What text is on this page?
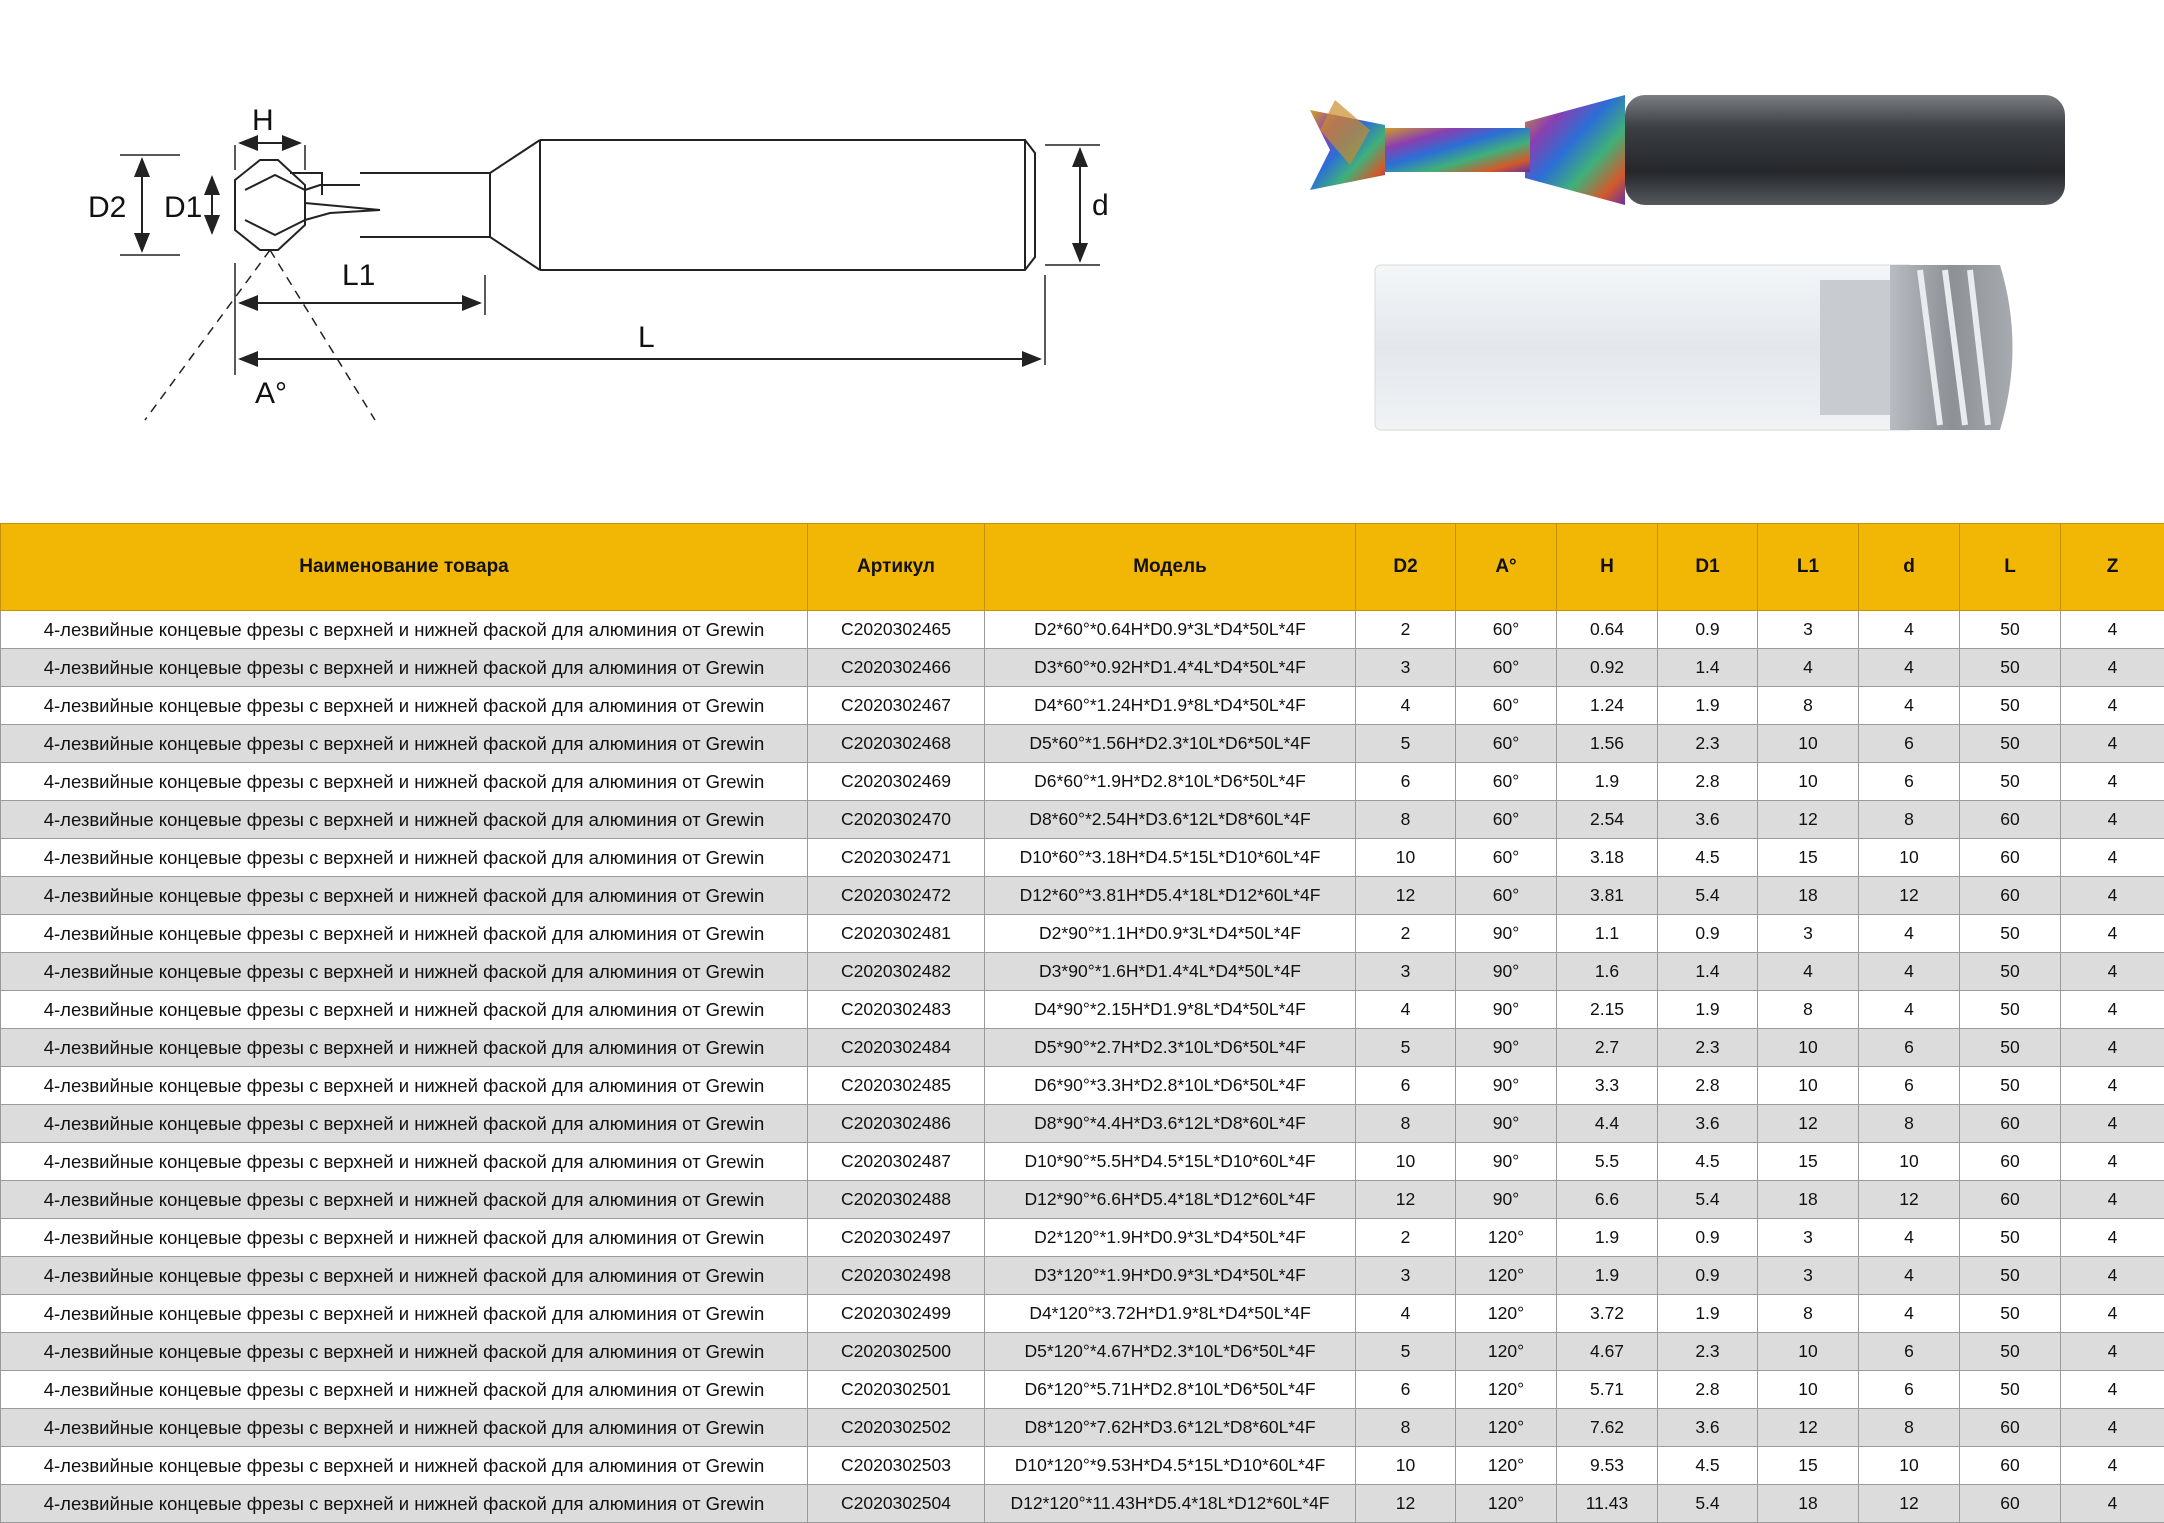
H
D2 D1	d
L1
L
A°
Наименование товара	Артикул	Модель	D2	A°	H	D1	L1	d	L	Z
4-лезвийные концевые фрезы с верхней и нижней фаской для алюминия от Grewin	C2020302465	D2*60°*0.64H*D0.9*3L*D4*50L*4F	2	60°	0.64	0.9	3	4	50	4
4-лезвийные концевые фрезы с верхней и нижней фаской для алюминия от Grewin	C2020302466	D3*60°*0.92H*D1.4*4L*D4*50L*4F	3	60°	0.92	1.4	4	4	50	4
4-лезвийные концевые фрезы с верхней и нижней фаской для алюминия от Grewin	C2020302467	D4*60°*1.24H*D1.9*8L*D4*50L*4F	4	60°	1.24	1.9	8	4	50	4
4-лезвийные концевые фрезы с верхней и нижней фаской для алюминия от Grewin	C2020302468	D5*60°*1.56H*D2.3*10L*D6*50L*4F	5	60°	1.56	2.3	10	6	50	4
4-лезвийные концевые фрезы с верхней и нижней фаской для алюминия от Grewin	C2020302469	D6*60°*1.9H*D2.8*10L*D6*50L*4F	6	60°	1.9	2.8	10	6	50	4
4-лезвийные концевые фрезы с верхней и нижней фаской для алюминия от Grewin	C2020302470	D8*60°*2.54H*D3.6*12L*D8*60L*4F	8	60°	2.54	3.6	12	8	60	4
4-лезвийные концевые фрезы с верхней и нижней фаской для алюминия от Grewin	C2020302471	D10*60°*3.18H*D4.5*15L*D10*60L*4F	10	60°	3.18	4.5	15	10	60	4
4-лезвийные концевые фрезы с верхней и нижней фаской для алюминия от Grewin	C2020302472	D12*60°*3.81H*D5.4*18L*D12*60L*4F	12	60°	3.81	5.4	18	12	60	4
4-лезвийные концевые фрезы с верхней и нижней фаской для алюминия от Grewin	C2020302481	D2*90°*1.1H*D0.9*3L*D4*50L*4F	2	90°	1.1	0.9	3	4	50	4
4-лезвийные концевые фрезы с верхней и нижней фаской для алюминия от Grewin	C2020302482	D3*90°*1.6H*D1.4*4L*D4*50L*4F	3	90°	1.6	1.4	4	4	50	4
4-лезвийные концевые фрезы с верхней и нижней фаской для алюминия от Grewin	C2020302483	D4*90°*2.15H*D1.9*8L*D4*50L*4F	4	90°	2.15	1.9	8	4	50	4
4-лезвийные концевые фрезы с верхней и нижней фаской для алюминия от Grewin	C2020302484	D5*90°*2.7H*D2.3*10L*D6*50L*4F	5	90°	2.7	2.3	10	6	50	4
4-лезвийные концевые фрезы с верхней и нижней фаской для алюминия от Grewin	C2020302485	D6*90°*3.3H*D2.8*10L*D6*50L*4F	6	90°	3.3	2.8	10	6	50	4
4-лезвийные концевые фрезы с верхней и нижней фаской для алюминия от Grewin	C2020302486	D8*90°*4.4H*D3.6*12L*D8*60L*4F	8	90°	4.4	3.6	12	8	60	4
4-лезвийные концевые фрезы с верхней и нижней фаской для алюминия от Grewin	C2020302487	D10*90°*5.5H*D4.5*15L*D10*60L*4F	10	90°	5.5	4.5	15	10	60	4
4-лезвийные концевые фрезы с верхней и нижней фаской для алюминия от Grewin	C2020302488	D12*90°*6.6H*D5.4*18L*D12*60L*4F	12	90°	6.6	5.4	18	12	60	4
4-лезвийные концевые фрезы с верхней и нижней фаской для алюминия от Grewin	C2020302497	D2*120°*1.9H*D0.9*3L*D4*50L*4F	2	120°	1.9	0.9	3	4	50	4
4-лезвийные концевые фрезы с верхней и нижней фаской для алюминия от Grewin	C2020302498	D3*120°*1.9H*D0.9*3L*D4*50L*4F	3	120°	1.9	0.9	3	4	50	4
4-лезвийные концевые фрезы с верхней и нижней фаской для алюминия от Grewin	C2020302499	D4*120°*3.72H*D1.9*8L*D4*50L*4F	4	120°	3.72	1.9	8	4	50	4
4-лезвийные концевые фрезы с верхней и нижней фаской для алюминия от Grewin	C2020302500	D5*120°*4.67H*D2.3*10L*D6*50L*4F	5	120°	4.67	2.3	10	6	50	4
4-лезвийные концевые фрезы с верхней и нижней фаской для алюминия от Grewin	C2020302501	D6*120°*5.71H*D2.8*10L*D6*50L*4F	6	120°	5.71	2.8	10	6	50	4
4-лезвийные концевые фрезы с верхней и нижней фаской для алюминия от Grewin	C2020302502	D8*120°*7.62H*D3.6*12L*D8*60L*4F	8	120°	7.62	3.6	12	8	60	4
4-лезвийные концевые фрезы с верхней и нижней фаской для алюминия от Grewin	C2020302503	D10*120°*9.53H*D4.5*15L*D10*60L*4F	10	120°	9.53	4.5	15	10	60	4
4-лезвийные концевые фрезы с верхней и нижней фаской для алюминия от Grewin	C2020302504	D12*120°*11.43H*D5.4*18L*D12*60L*4F	12	120°	11.43	5.4	18	12	60	4
